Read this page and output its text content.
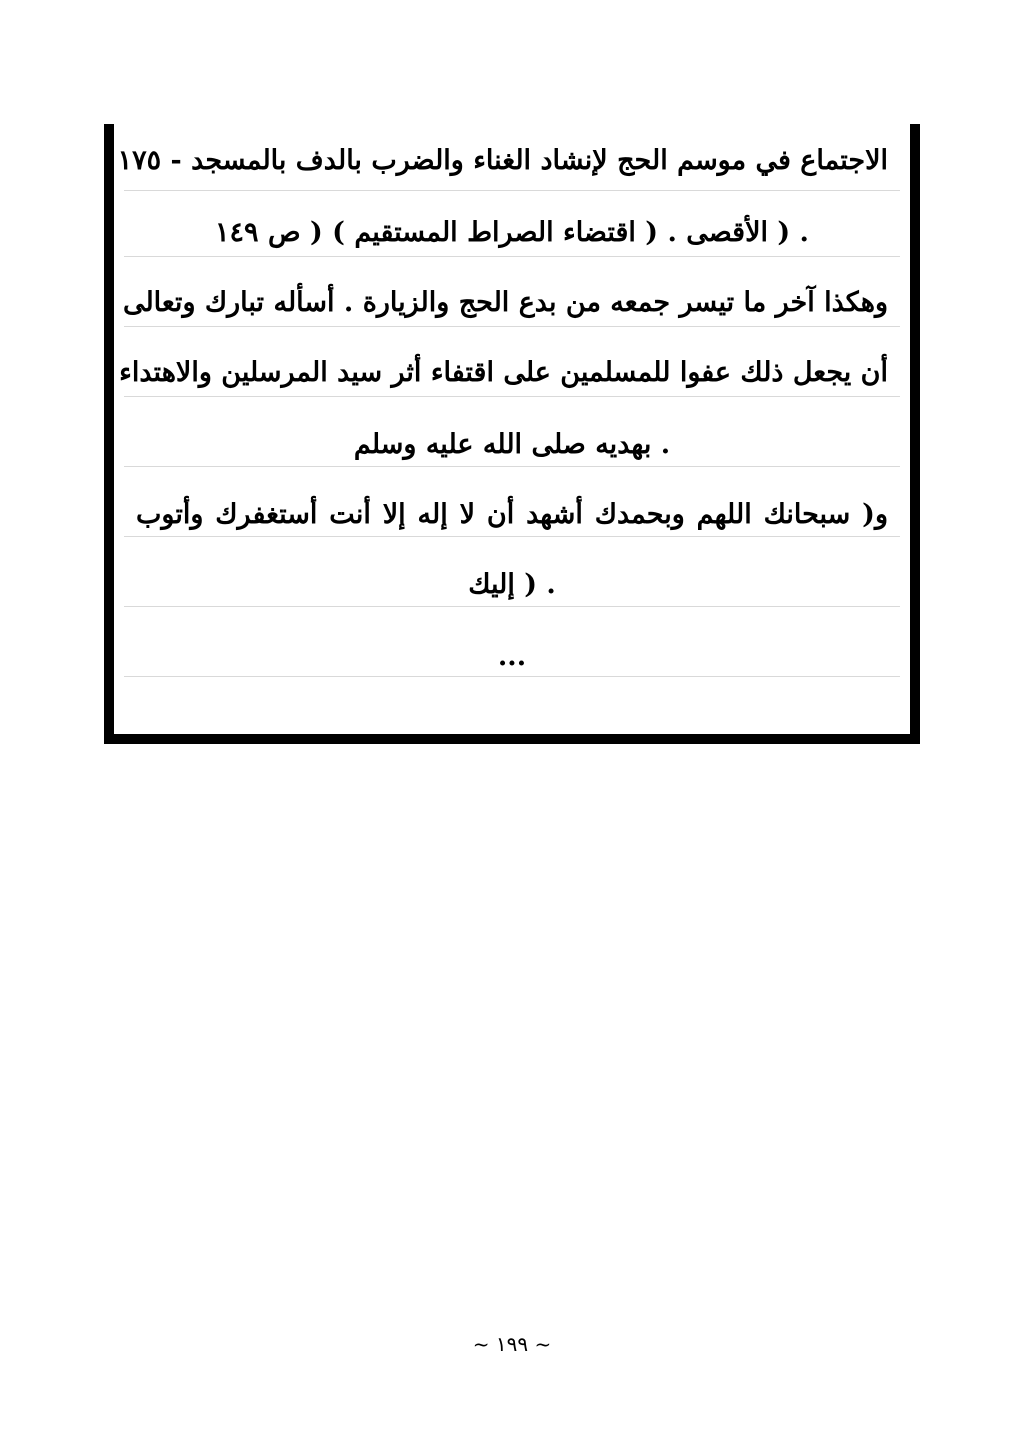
الاجتماع في موسم الحج لإنشاد الغناء والضرب بالدف بالمسجد - ١٧٥
. ( الأقصى . ( اقتضاء الصراط المستقيم ) ( ص ١٤٩
وهكذا آخر ما تيسر جمعه من بدع الحج والزيارة . أسأله تبارك وتعالى
أن يجعل ذلك عفوا للمسلمين على اقتفاء أثر سيد المرسلين والاهتداء
. بهديه صلى الله عليه وسلم
و( سبحانك اللهم وبحمدك أشهد أن لا إله إلا أنت أستغفرك وأتوب
. ( إليك
...
~ ١٩٩ ~
